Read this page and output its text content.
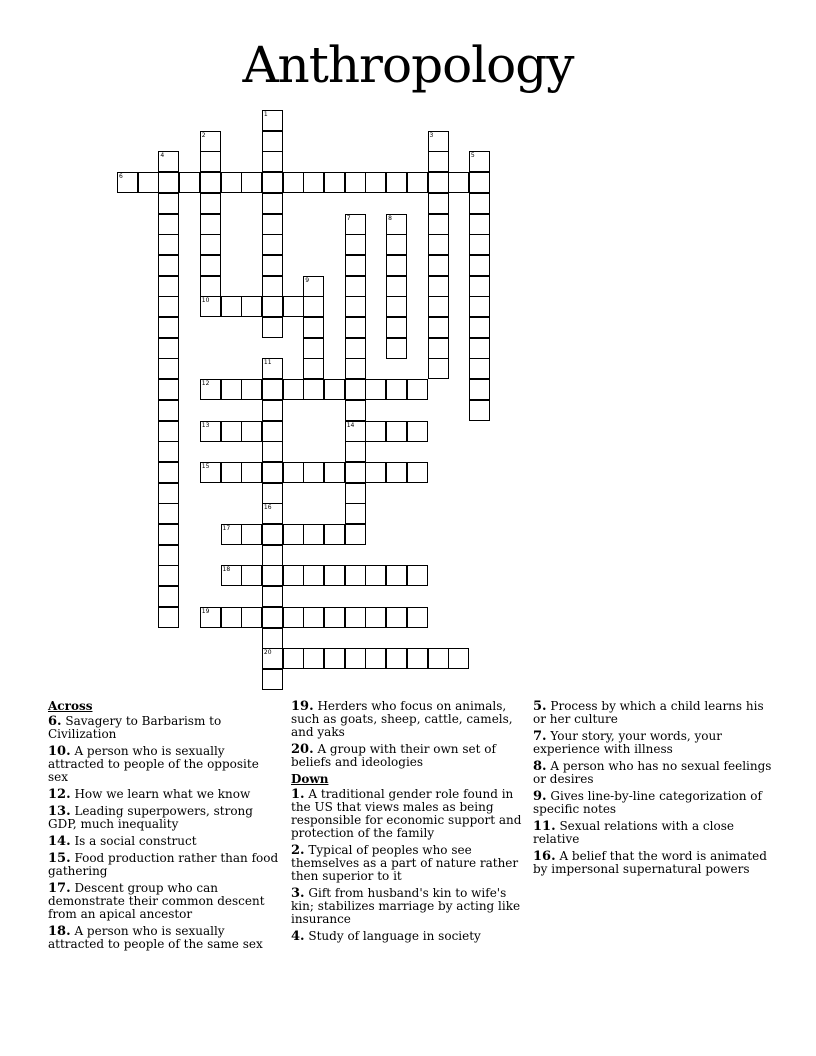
Anthropology
1
2	3
4	5
6
7
14
8
9
10
11
12
13
15
16
20
17
18
19
Across
6. Savagery to Barbarism to Civilization
10. A person who is sexually attracted to people of the opposite sex
12. How we learn what we know
13. Leading superpowers, strong GDP, much inequality
14. Is a social construct
15. Food production rather than food gathering
17. Descent group who can demonstrate their common descent from an apical ancestor
18. A person who is sexually attracted to people of the same sex
19. Herders who focus on animals, such as goats, sheep, cattle, camels, and yaks
20. A group with their own set of beliefs and ideologies
Down
1. A traditional gender role found in the US that views males as being responsible for economic support and protection of the family
2. Typical of peoples who see themselves as a part of nature rather then superior to it
3. Gift from husband's kin to wife's kin; stabilizes marriage by acting like insurance
4. Study of language in society
5. Process by which a child learns his or her culture
7. Your story, your words, your experience with illness
8. A person who has no sexual feelings or desires
9. Gives line-by-line categorization of specific notes
11. Sexual relations with a close relative
16. A belief that the word is animated by impersonal supernatural powers
